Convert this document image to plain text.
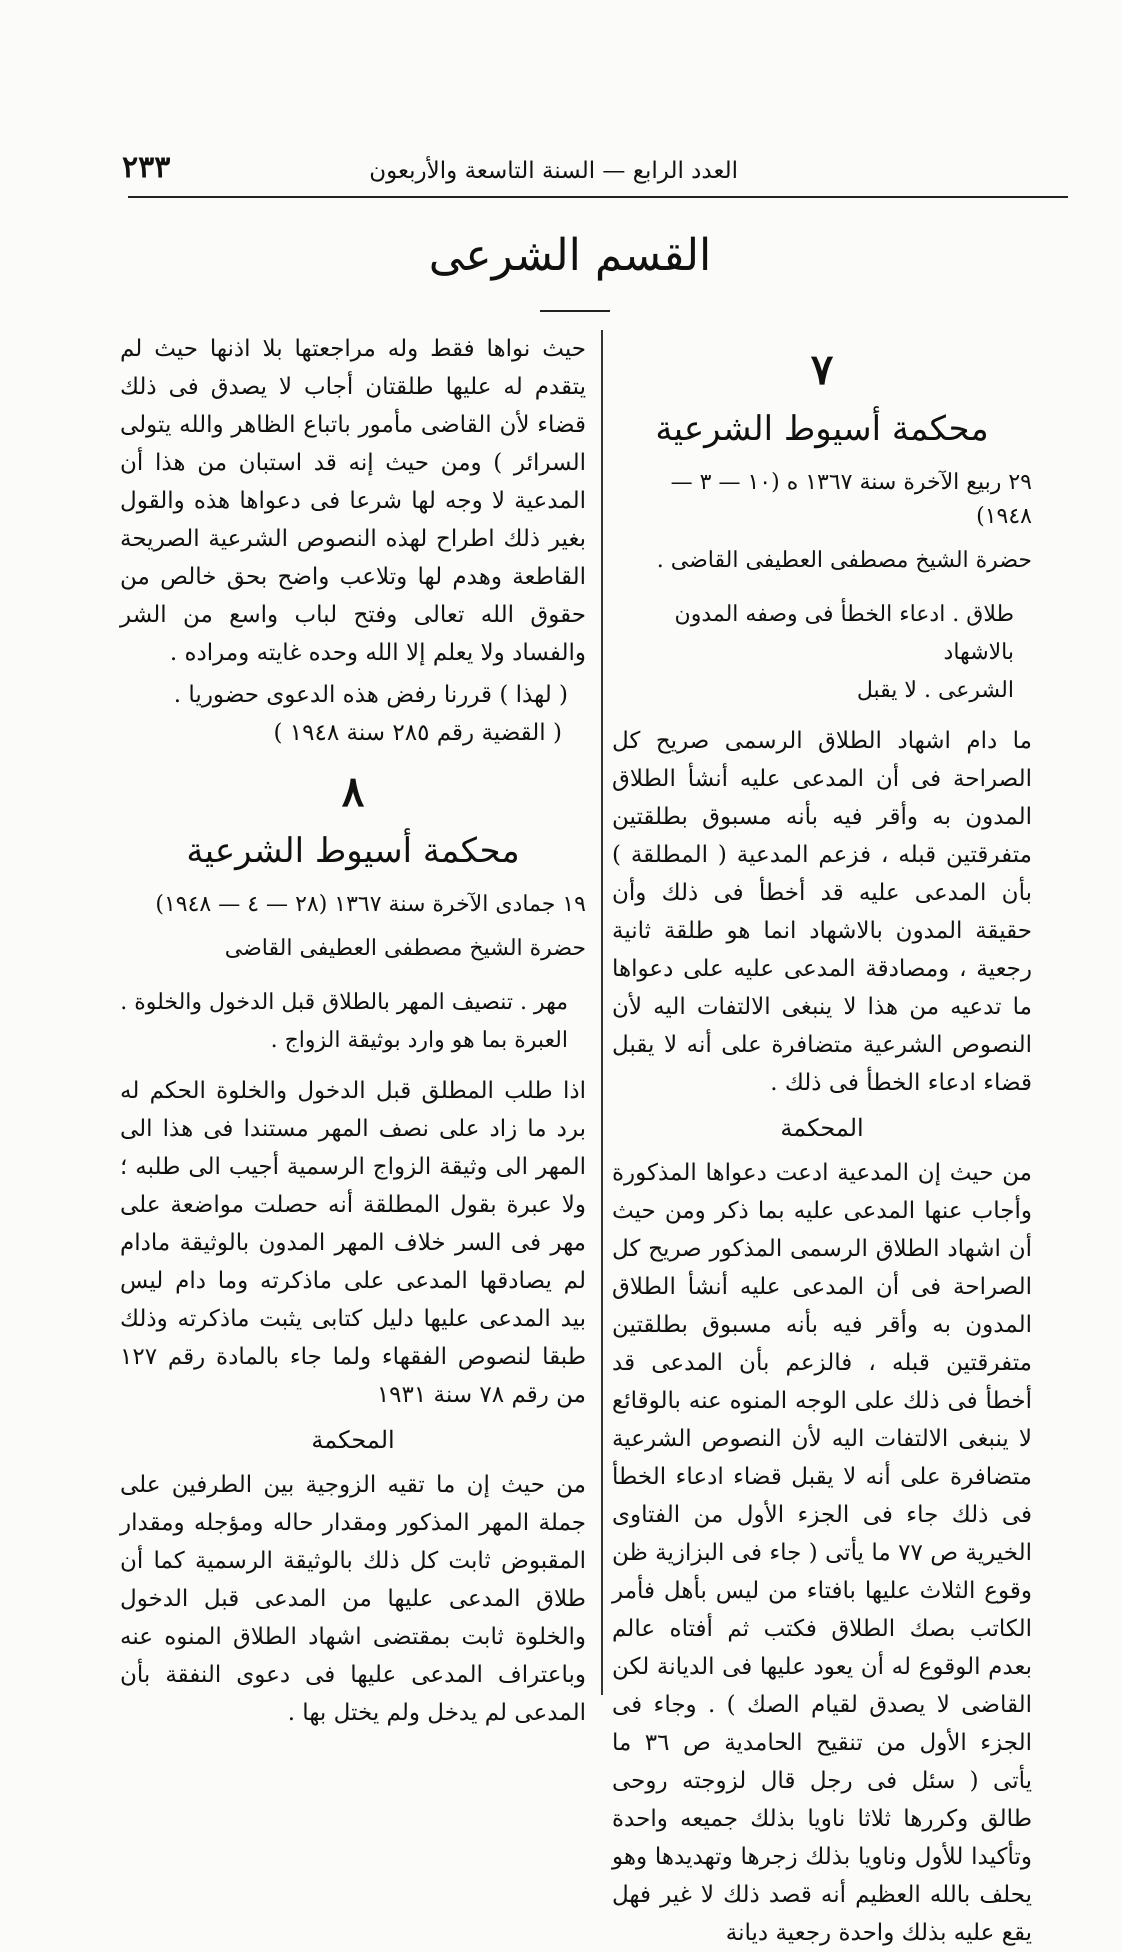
٢٣٣	العدد الرابع — السنة التاسعة والأربعون
القسم الشرعى
٧
محكمة أسيوط الشرعية
٢٩ ربيع الآخرة سنة ١٣٦٧ ه (١٠ — ٣ — ١٩٤٨)
حضرة الشيخ مصطفى العطيفى القاضى .

طلاق . ادعاء الخطأ فى وصفه المدون بالاشهاد

الشرعى . لا يقبل

ما دام اشهاد الطلاق الرسمى صريح كل الصراحة فى أن المدعى عليه أنشأ الطلاق المدون به وأقر فيه بأنه مسبوق بطلقتين متفرقتين قبله ، فزعم المدعية ( المطلقة ) بأن المدعى عليه قد أخطأ فى ذلك وأن حقيقة المدون بالاشهاد انما هو طلقة ثانية رجعية ، ومصادقة المدعى عليه على دعواها ما تدعيه من هذا لا ينبغى الالتفات اليه لأن النصوص الشرعية متضافرة على أنه لا يقبل قضاء ادعاء الخطأ فى ذلك .

المحكمة

من حيث إن المدعية ادعت دعواها المذكورة وأجاب عنها المدعى عليه بما ذكر ومن حيث أن اشهاد الطلاق الرسمى المذكور صريح كل الصراحة فى أن المدعى عليه أنشأ الطلاق المدون به وأقر فيه بأنه مسبوق بطلقتين متفرقتين قبله ، فالزعم بأن المدعى قد أخطأ فى ذلك على الوجه المنوه عنه بالوقائع لا ينبغى الالتفات اليه لأن النصوص الشرعية متضافرة على أنه لا يقبل قضاء ادعاء الخطأ فى ذلك جاء فى الجزء الأول من الفتاوى الخيرية ص ٧٧ ما يأتى ( جاء فى البزازية ظن وقوع الثلاث عليها بافتاء من ليس بأهل فأمر الكاتب بصك الطلاق فكتب ثم أفتاه عالم بعدم الوقوع له أن يعود عليها فى الديانة لكن القاضى لا يصدق لقيام الصك ) . وجاء فى الجزء الأول من تنقيح الحامدية ص ٣٦ ما يأتى ( سئل فى رجل قال لزوجته روحى طالق وكررها ثلاثا ناويا بذلك جميعه واحدة وتأكيدا للأول وناويا بذلك زجرها وتهديدها وهو يحلف بالله العظيم أنه قصد ذلك لا غير فهل يقع عليه بذلك واحدة رجعية ديانة

حيث نواها فقط وله مراجعتها بلا اذنها حيث لم يتقدم له عليها طلقتان أجاب لا يصدق فى ذلك قضاء لأن القاضى مأمور باتباع الظاهر والله يتولى السرائر ) ومن حيث إنه قد استبان من هذا أن المدعية لا وجه لها شرعا فى دعواها هذه والقول بغير ذلك اطراح لهذه النصوص الشرعية الصريحة القاطعة وهدم لها وتلاعب واضح بحق خالص من حقوق الله تعالى وفتح لباب واسع من الشر والفساد ولا يعلم إلا الله وحده غايته ومراده .

( لهذا ) قررنا رفض هذه الدعوى حضوريا .

( القضية رقم ٢٨٥ سنة ١٩٤٨ )

٨
محكمة أسيوط الشرعية
١٩ جمادى الآخرة سنة ١٣٦٧ (٢٨ — ٤ — ١٩٤٨)
حضرة الشيخ مصطفى العطيفى القاضى

مهر . تنصيف المهر بالطلاق قبل الدخول والخلوة .

العبرة بما هو وارد بوثيقة الزواج .

اذا طلب المطلق قبل الدخول والخلوة الحكم له برد ما زاد على نصف المهر مستندا فى هذا الى المهر الى وثيقة الزواج الرسمية أجيب الى طلبه ؛ ولا عبرة بقول المطلقة أنه حصلت مواضعة على مهر فى السر خلاف المهر المدون بالوثيقة مادام لم يصادقها المدعى على ماذكرته وما دام ليس بيد المدعى عليها دليل كتابى يثبت ماذكرته وذلك طبقا لنصوص الفقهاء ولما جاء بالمادة رقم ١٢٧ من رقم ٧٨ سنة ١٩٣١

المحكمة

من حيث إن ما تقيه الزوجية بين الطرفين على جملة المهر المذكور ومقدار حاله ومؤجله ومقدار المقبوض ثابت كل ذلك بالوثيقة الرسمية كما أن طلاق المدعى عليها من المدعى قبل الدخول والخلوة ثابت بمقتضى اشهاد الطلاق المنوه عنه وباعتراف المدعى عليها فى دعوى النفقة بأن المدعى لم يدخل ولم يختل بها .
